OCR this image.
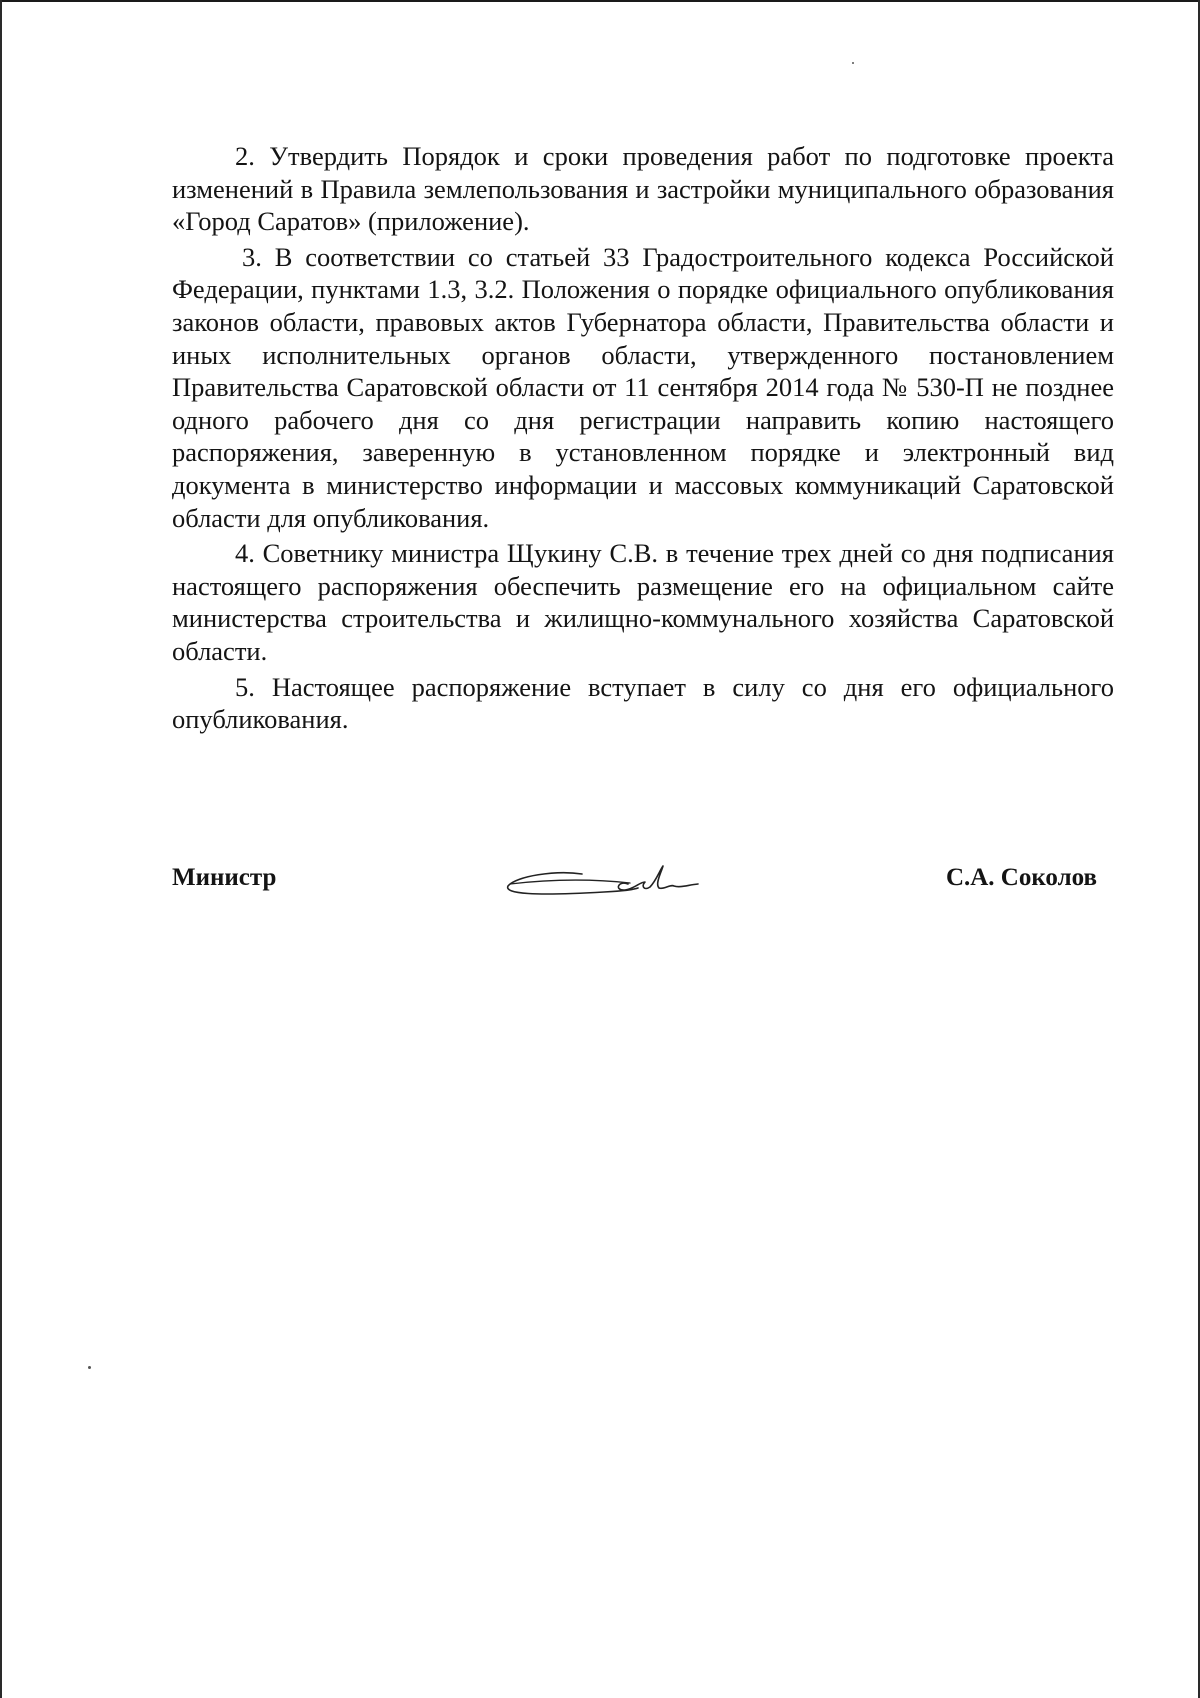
2. Утвердить Порядок и сроки проведения работ по подготовке проекта изменений в Правила землепользования и застройки муниципального образования «Город Саратов» (приложение).

3. В соответствии со статьей 33 Градостроительного кодекса Российской Федерации, пунктами 1.3, 3.2. Положения о порядке официального опубликования законов области, правовых актов Губернатора области, Правительства области и иных исполнительных органов области, утвержденного постановлением Правительства Саратовской области от 11 сентября 2014 года № 530-П не позднее одного рабочего дня со дня регистрации направить копию настоящего распоряжения, заверенную в установленном порядке и электронный вид документа в министерство информации и массовых коммуникаций Саратовской области для опубликования.

4. Советнику министра Щукину С.В. в течение трех дней со дня подписания настоящего распоряжения обеспечить размещение его на официальном сайте министерства строительства и жилищно-коммунального хозяйства Саратовской области.

5. Настоящее распоряжение вступает в силу со дня его официального опубликования.

Министр	С.А. Соколов
